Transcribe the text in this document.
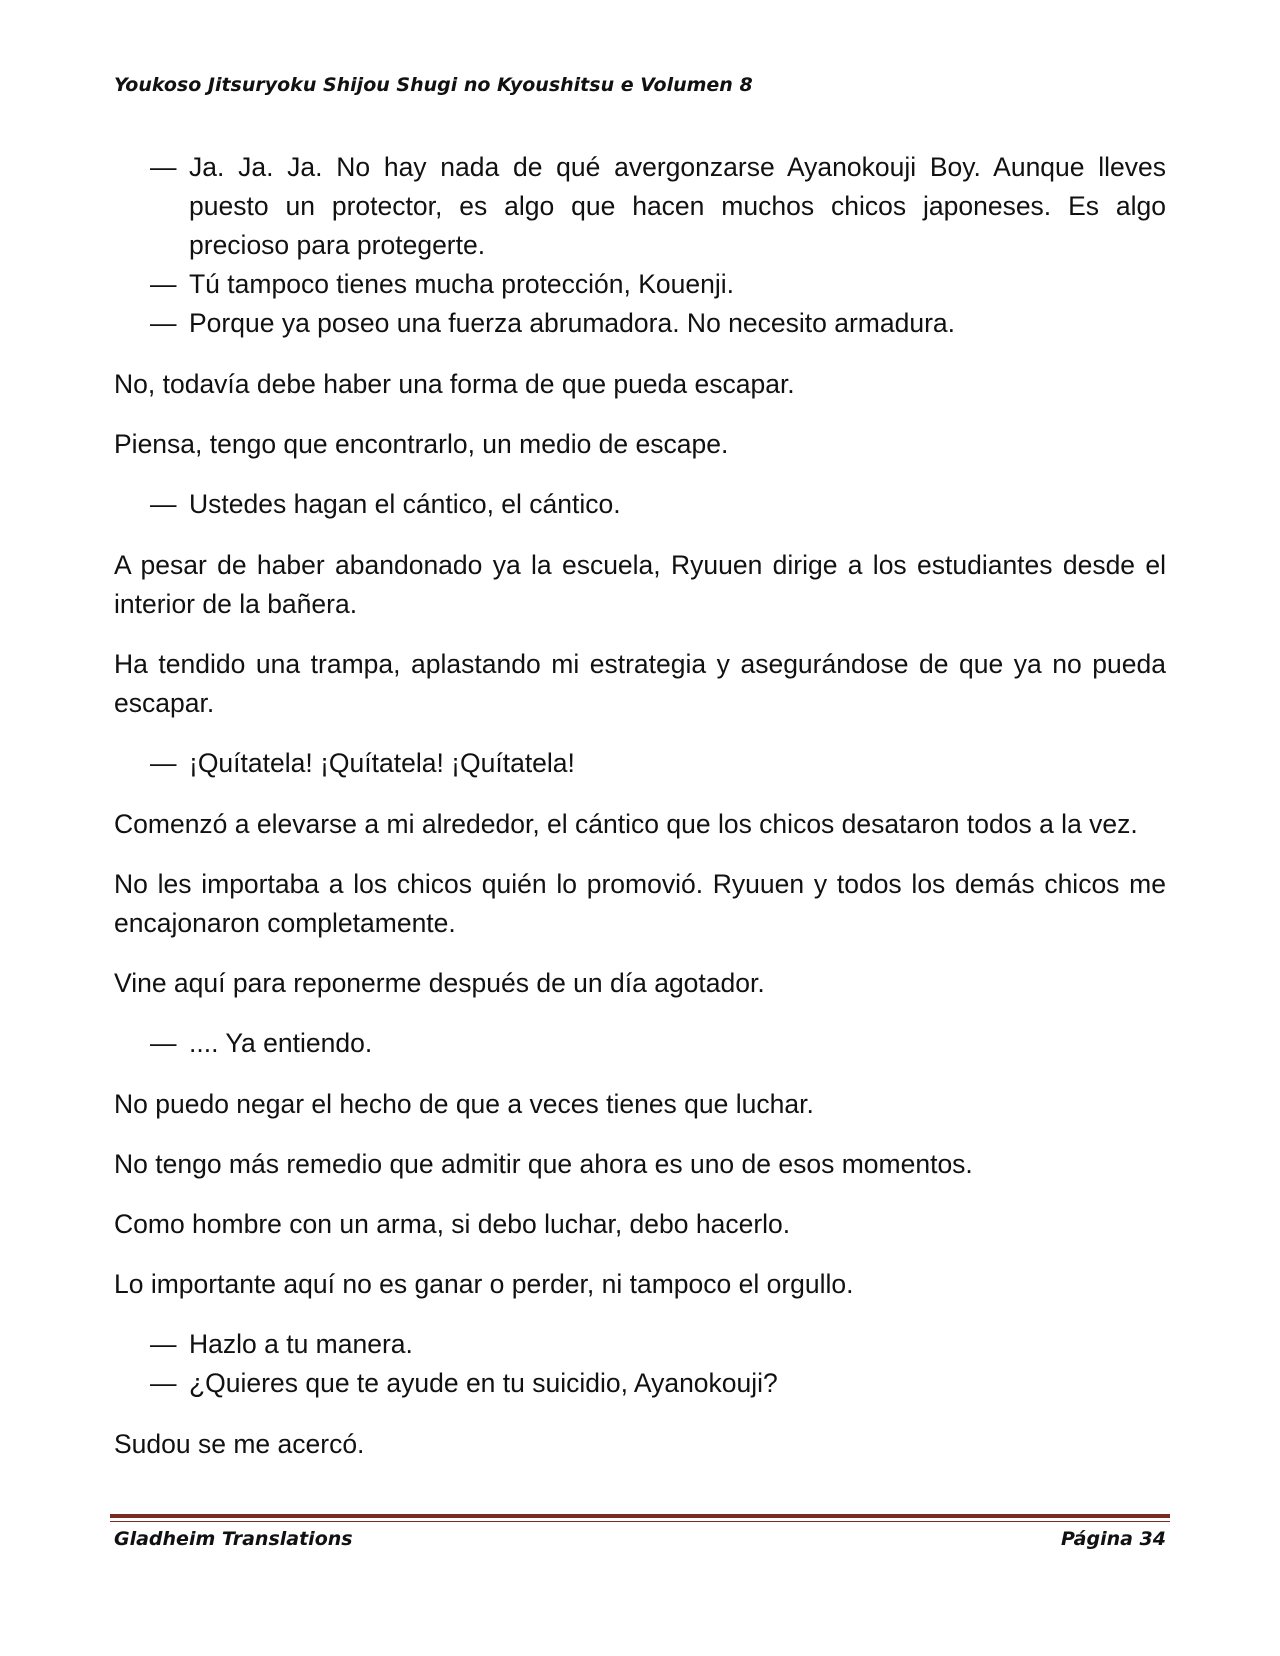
Youkoso Jitsuryoku Shijou Shugi no Kyoushitsu e Volumen 8
— Ja. Ja. Ja. No hay nada de qué avergonzarse Ayanokouji Boy. Aunque lleves puesto un protector, es algo que hacen muchos chicos japoneses. Es algo precioso para protegerte.
— Tú tampoco tienes mucha protección, Kouenji.
— Porque ya poseo una fuerza abrumadora. No necesito armadura.

No, todavía debe haber una forma de que pueda escapar.

Piensa, tengo que encontrarlo, un medio de escape.

— Ustedes hagan el cántico, el cántico.

A pesar de haber abandonado ya la escuela, Ryuuen dirige a los estudiantes desde el interior de la bañera.

Ha tendido una trampa, aplastando mi estrategia y asegurándose de que ya no pueda escapar.

— ¡Quítatela! ¡Quítatela! ¡Quítatela!

Comenzó a elevarse a mi alrededor, el cántico que los chicos desataron todos a la vez.

No les importaba a los chicos quién lo promovió. Ryuuen y todos los demás chicos me encajonaron completamente.

Vine aquí para reponerme después de un día agotador.

— .... Ya entiendo.

No puedo negar el hecho de que a veces tienes que luchar.

No tengo más remedio que admitir que ahora es uno de esos momentos.

Como hombre con un arma, si debo luchar, debo hacerlo.

Lo importante aquí no es ganar o perder, ni tampoco el orgullo.

— Hazlo a tu manera.
— ¿Quieres que te ayude en tu suicidio, Ayanokouji?

Sudou se me acercó.

Gladheim Translations	Página 34
